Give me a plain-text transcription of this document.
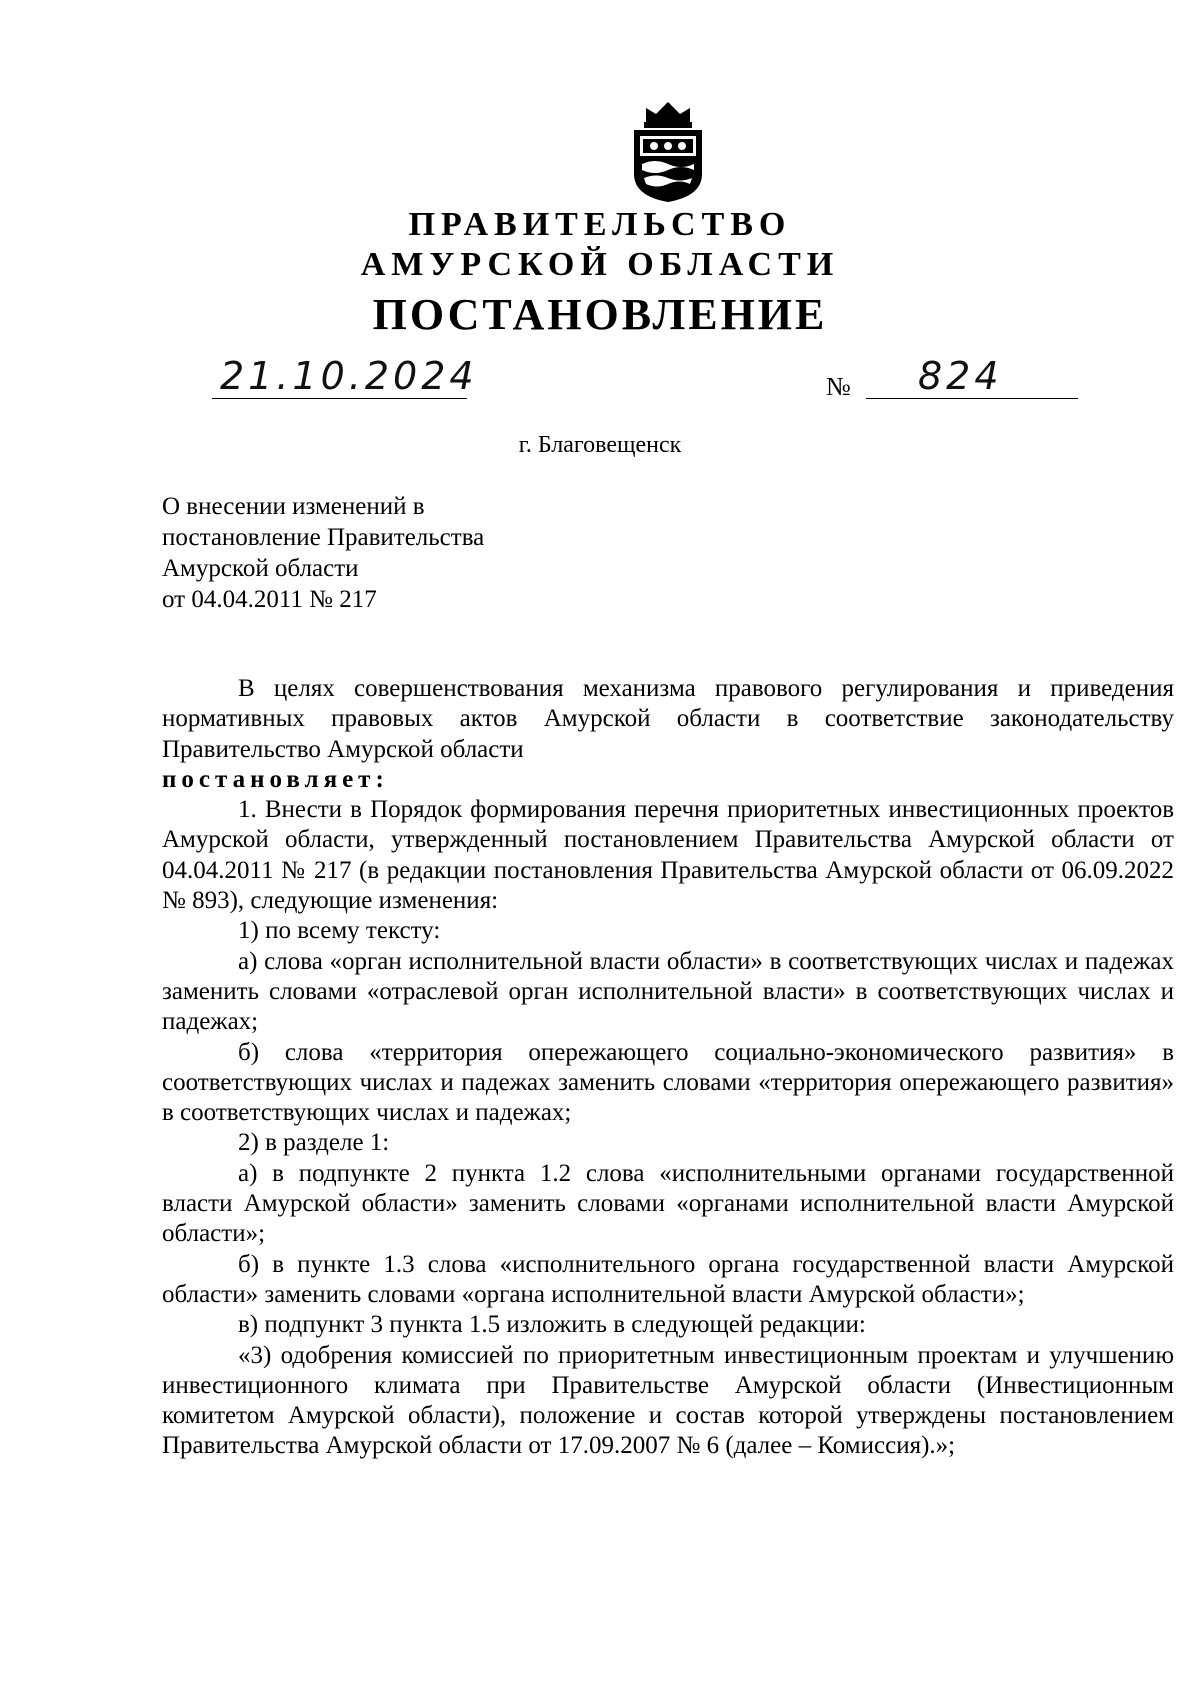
ПРАВИТЕЛЬСТВО
АМУРСКОЙ ОБЛАСТИ
ПОСТАНОВЛЕНИЕ
21.10.2024	№ 824
г. Благовещенск
О внесении изменений в
постановление Правительства
Амурской области
от 04.04.2011 № 217

В целях совершенствования механизма правового регулирования и приведения нормативных правовых актов Амурской области в соответствие законодательству Правительство Амурской области

постановляет:

1. Внести в Порядок формирования перечня приоритетных инвестиционных проектов Амурской области, утвержденный постановлением Правительства Амурской области от 04.04.2011 № 217 (в редакции постановления Правительства Амурской области от 06.09.2022 № 893), следующие изменения:

1) по всему тексту:

а) слова «орган исполнительной власти области» в соответствующих числах и падежах заменить словами «отраслевой орган исполнительной власти» в соответствующих числах и падежах;

б) слова «территория опережающего социально-экономического развития» в соответствующих числах и падежах заменить словами «территория опережающего развития» в соответствующих числах и падежах;

2) в разделе 1:

а) в подпункте 2 пункта 1.2 слова «исполнительными органами государственной власти Амурской области» заменить словами «органами исполнительной власти Амурской области»;

б) в пункте 1.3 слова «исполнительного органа государственной власти Амурской области» заменить словами «органа исполнительной власти Амурской области»;

в) подпункт 3 пункта 1.5 изложить в следующей редакции:

«3) одобрения комиссией по приоритетным инвестиционным проектам и улучшению инвестиционного климата при Правительстве Амурской области (Инвестиционным комитетом Амурской области), положение и состав которой утверждены постановлением Правительства Амурской области от 17.09.2007 № 6 (далее – Комиссия).»;
